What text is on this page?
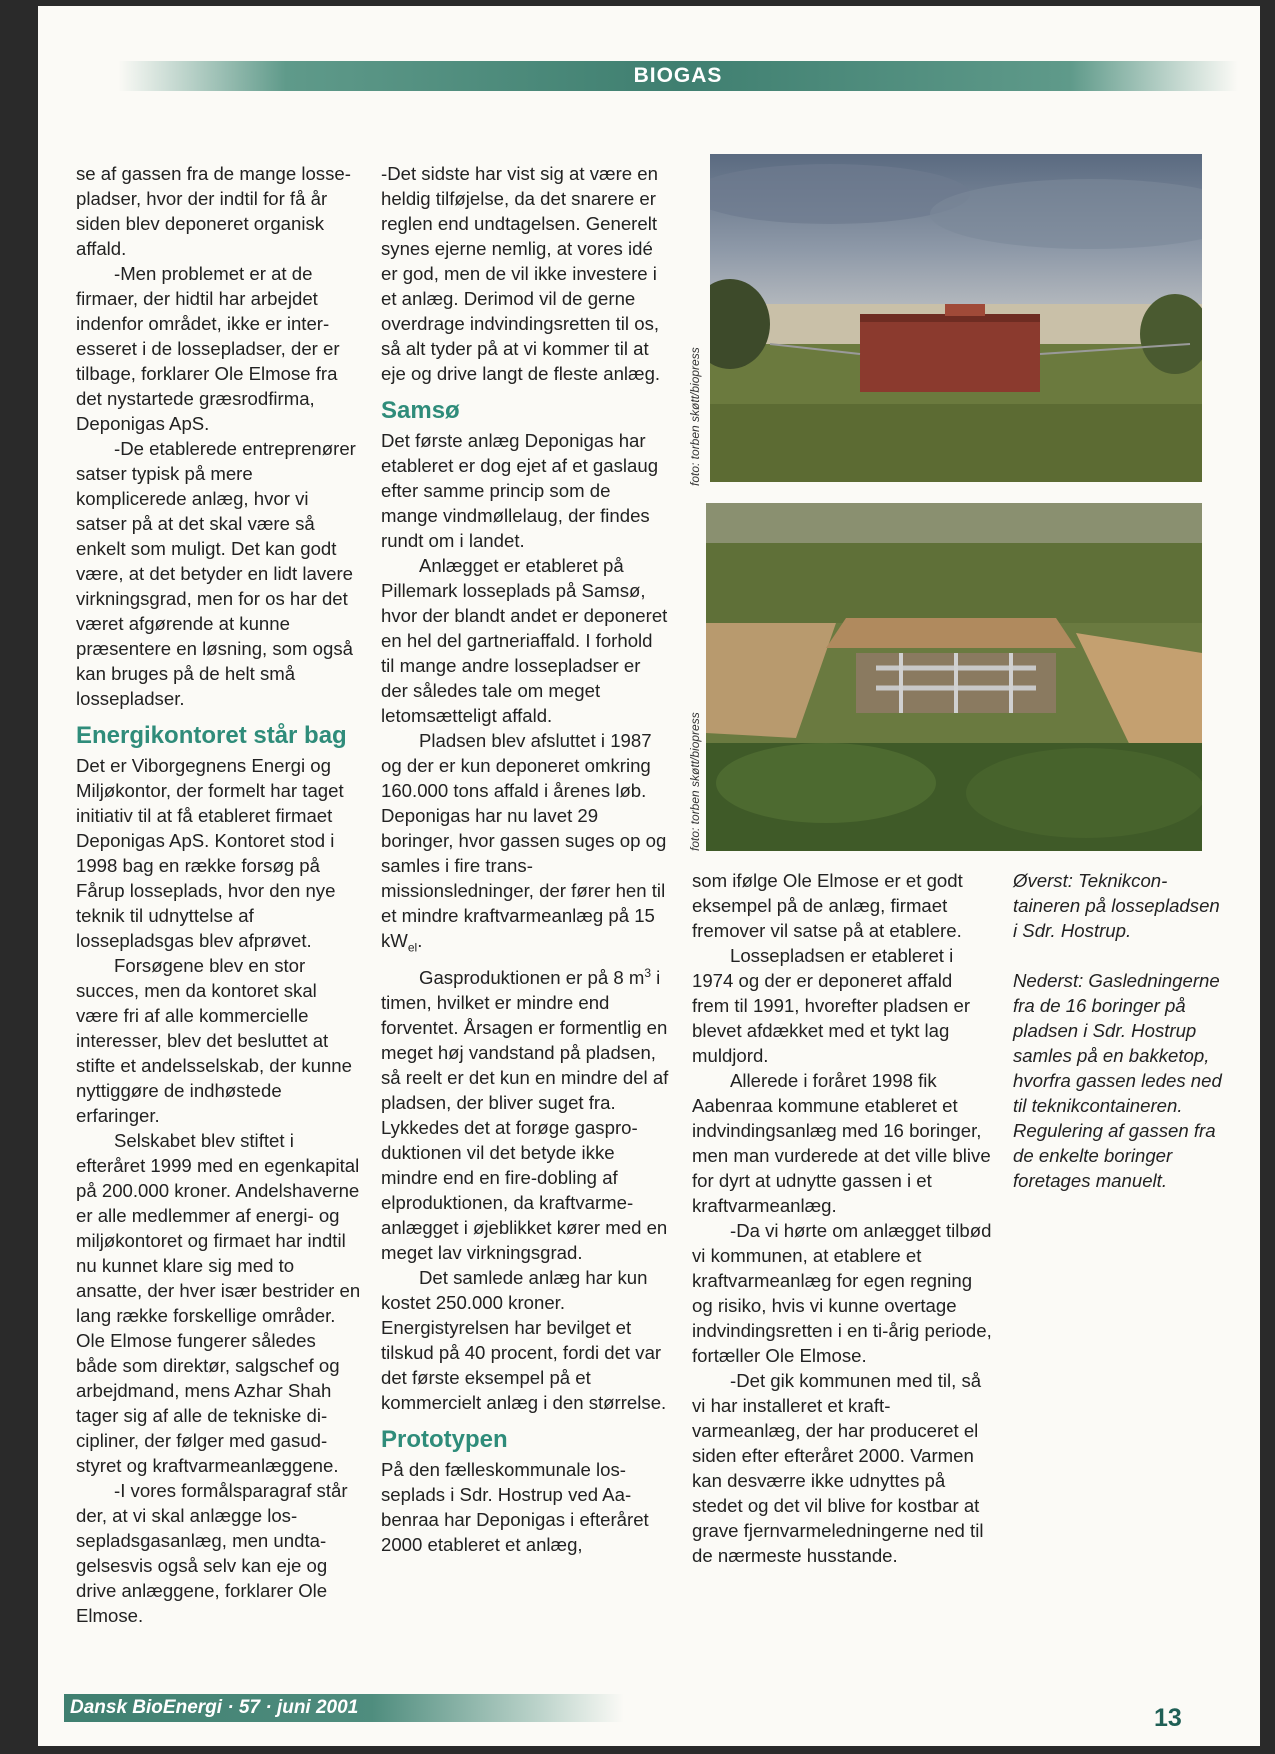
BIOGAS

se af gassen fra de mange lossepladser, hvor der indtil for få år siden blev deponeret organisk affald.

-Men problemet er at de firmaer, der hidtil har arbejdet indenfor området, ikke er interesseret i de lossepladser, der er tilbage, forklarer Ole Elmose fra det nystartede græsrodfirma, Deponigas ApS.

-De etablerede entreprenører satser typisk på mere komplicerede anlæg, hvor vi satser på at det skal være så enkelt som muligt. Det kan godt være, at det betyder en lidt lavere virkningsgrad, men for os har det været afgørende at kunne præsentere en løsning, som også kan bruges på de helt små lossepladser.

Energikontoret står bag

Det er Viborgegnens Energi og Miljøkontor, der formelt har taget initiativ til at få etableret firmaet Deponigas ApS. Kontoret stod i 1998 bag en række forsøg på Fårup losseplads, hvor den nye teknik til udnyttelse af lossepladsgas blev afprøvet.

Forsøgene blev en stor succes, men da kontoret skal være fri af alle kommercielle interesser, blev det besluttet at stifte et andelsselskab, der kunne nyttiggøre de indhøstede erfaringer.

Selskabet blev stiftet i efteråret 1999 med en egenkapital på 200.000 kroner. Andelshaverne er alle medlemmer af energi- og miljøkontoret og firmaet har indtil nu kunnet klare sig med to ansatte, der hver især bestrider en lang række forskellige områder. Ole Elmose fungerer således både som direktør, salgschef og arbejdmand, mens Azhar Shah tager sig af alle de tekniske dicipliner, der følger med gasudstyret og kraftvarmeanlæggene.

-I vores formålsparagraf står der, at vi skal anlægge lossepladsgasanlæg, men undtagelsesvis også selv kan eje og drive anlæggene, forklarer Ole Elmose.

-Det sidste har vist sig at være en heldig tilføjelse, da det snarere er reglen end undtagelsen. Generelt synes ejerne nemlig, at vores idé er god, men de vil ikke investere i et anlæg. Derimod vil de gerne overdrage indvindingsretten til os, så alt tyder på at vi kommer til at eje og drive langt de fleste anlæg.

Samsø

Det første anlæg Deponigas har etableret er dog ejet af et gaslaug efter samme princip som de mange vindmøllelaug, der findes rundt om i landet.

Anlægget er etableret på Pillemark losseplads på Samsø, hvor der blandt andet er deponeret en hel del gartneriaffald. I forhold til mange andre lossepladser er der således tale om meget letomsætteligt affald.

Pladsen blev afsluttet i 1987 og der er kun deponeret omkring 160.000 tons affald i årenes løb. Deponigas har nu lavet 29 boringer, hvor gassen suges op og samles i fire transmissionsledninger, der fører hen til et mindre kraftvarmeanlæg på 15 $kW_{el}$.

Gasproduktionen er på 8 $m^3$ i timen, hvilket er mindre end forventet. Årsagen er formentlig en meget høj vandstand på pladsen, så reelt er det kun en mindre del af pladsen, der bliver suget fra. Lykkedes det at forøge gasproduktionen vil det betyde ikke mindre end en fire-dobling af elproduktionen, da kraftvarmeanlægget i øjeblikket kører med en meget lav virkningsgrad.

Det samlede anlæg har kun kostet 250.000 kroner. Energistyrelsen har bevilget et tilskud på 40 procent, fordi det var det første eksempel på et kommercielt anlæg i den størrelse.

Prototypen

På den fælleskommunale losseplads i Sdr. Hostrup ved Aabenraa har Deponigas i efteråret 2000 etableret et anlæg,

foto: torben skøtt/biopress
foto: torben skøtt/biopress

som ifølge Ole Elmose er et godt eksempel på de anlæg, firmaet fremover vil satse på at etablere.

Lossepladsen er etableret i 1974 og der er deponeret affald frem til 1991, hvorefter pladsen er blevet afdækket med et tykt lag muldjord.

Allerede i foråret 1998 fik Aabenraa kommune etableret et indvindingsanlæg med 16 boringer, men man vurderede at det ville blive for dyrt at udnytte gassen i et kraftvarmeanlæg.

-Da vi hørte om anlægget tilbød vi kommunen, at etablere et kraftvarmeanlæg for egen regning og risiko, hvis vi kunne overtage indvindingsretten i en ti-årig periode, fortæller Ole Elmose.

-Det gik kommunen med til, så vi har installeret et kraftvarmeanlæg, der har produceret el siden efter efteråret 2000. Varmen kan desværre ikke udnyttes på stedet og det vil blive for kostbar at grave fjernvarmeledningerne ned til de nærmeste husstande.

Øverst: Teknikcontaineren på lossepladsen i Sdr. Hostrup.

Nederst: Gasledningerne fra de 16 boringer på pladsen i Sdr. Hostrup samles på en bakketop, hvorfra gassen ledes ned til teknikcontaineren. Regulering af gassen fra de enkelte boringer foretages manuelt.

Dansk BioEnergi · 57 · juni 2001	13
